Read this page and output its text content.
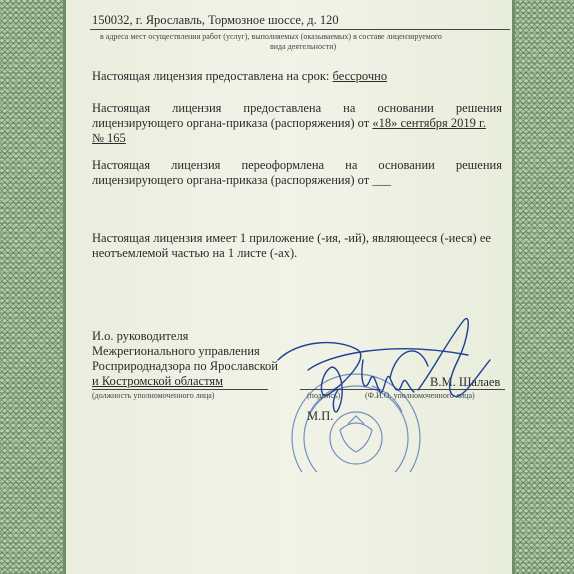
150032, г. Ярославль, Тормозное шоссе, д. 120
в адреса мест осуществления работ (услуг), выполняемых (оказываемых) в составе лицензируемого
вида деятельности)
Настоящая лицензия предоставлена на срок: бессрочно
Настоящая лицензия предоставлена на основании решения
лицензирующего органа-приказа (распоряжения) от «18» сентября 2019 г.
№ 165
Настоящая лицензия переоформлена на основании решения
лицензирующего органа-приказа (распоряжения) от ___
Настоящая лицензия имеет 1 приложение (-ия, -ий), являющееся (-иеся) ее
неотъемлемой частью на 1 листе (-ах).
И.о. руководителя
Межрегионального управления
Росприроднадзора по Ярославской
и Костромской областям
(должность уполномоченного лица)	(подпись)
В.М. Шалаев
(Ф.И.О. уполномоченного лица)
М.П.
